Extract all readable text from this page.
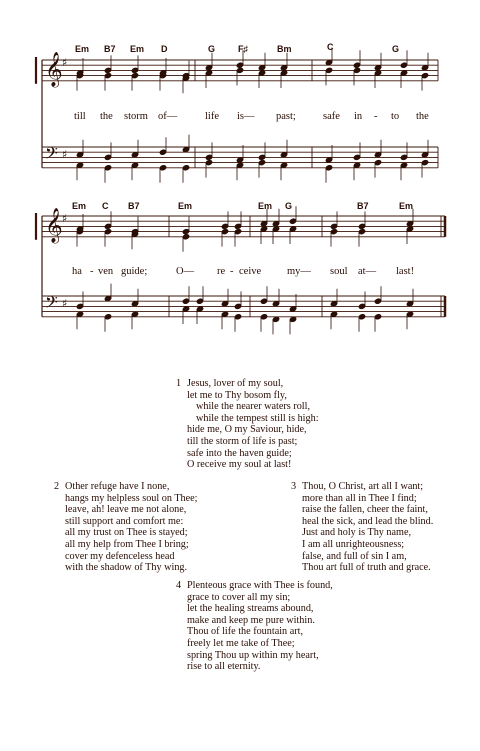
𝄞 ♯
𝄢 ♯
𝄞 ♯
𝄢 ♯
Em B7 Em D	G	F♯	Bm	C	G
till the storm of—	life is— past;	safe in - to the
Em C B7	Em	Em G	B7	Em
ha - ven guide;	O— re - ceive my— soul at— last!
1 Jesus, lover of my soul,
let me to Thy bosom fly,
while the nearer waters roll,
while the tempest still is high:
hide me, O my Saviour, hide,
till the storm of life is past;
safe into the haven guide;
O receive my soul at last!
2 Other refuge have I none,
hangs my helpless soul on Thee;
leave, ah! leave me not alone,
still support and comfort me:
all my trust on Thee is stayed;
all my help from Thee I bring;
cover my defenceless head
with the shadow of Thy wing.
3 Thou, O Christ, art all I want;
more than all in Thee I find;
raise the fallen, cheer the faint,
heal the sick, and lead the blind.
Just and holy is Thy name,
I am all unrighteousness;
false, and full of sin I am,
Thou art full of truth and grace.
4 Plenteous grace with Thee is found,
grace to cover all my sin;
let the healing streams abound,
make and keep me pure within.
Thou of life the fountain art,
freely let me take of Thee;
spring Thou up within my heart,
rise to all eternity.
